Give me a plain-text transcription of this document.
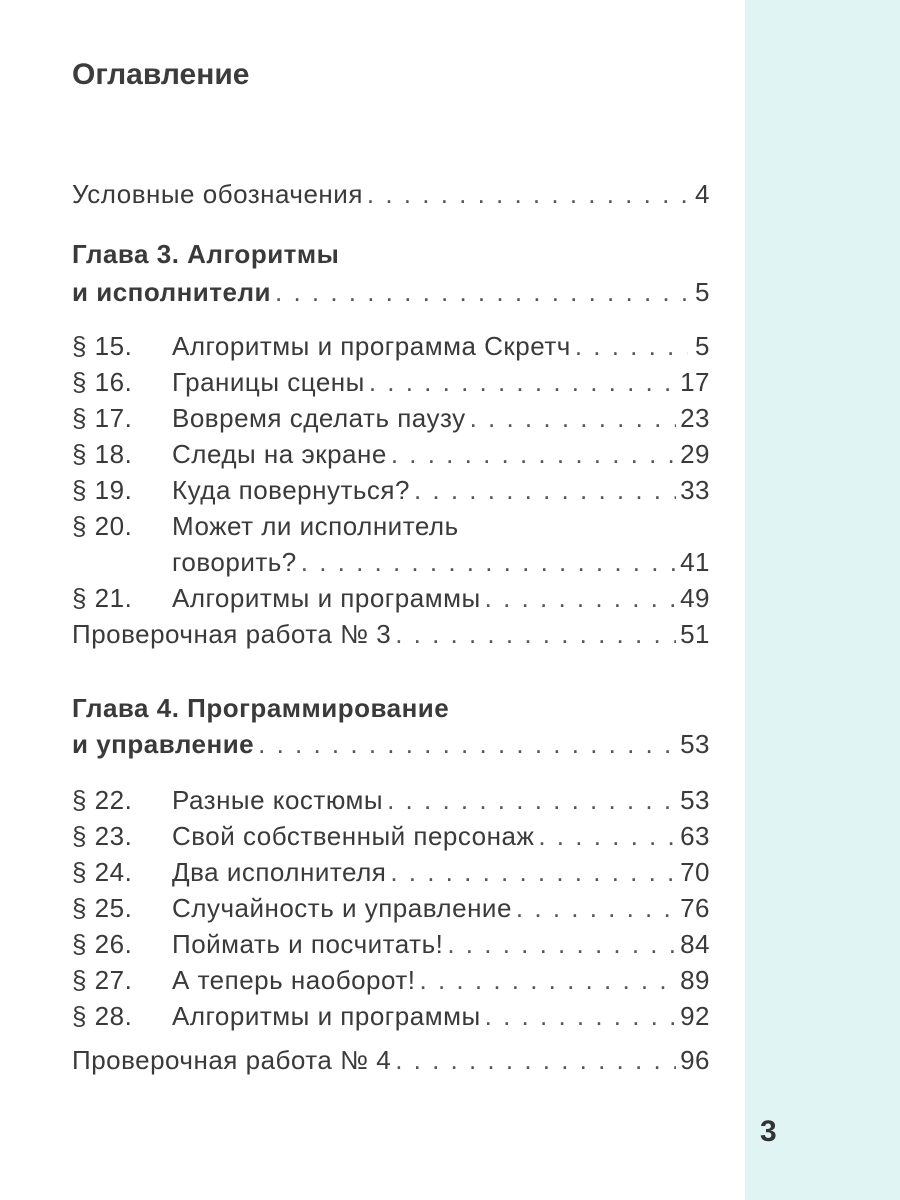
Оглавление
Условные обозначения . . .	4
Глава 3. Алгоритмы
и исполнители . . .	5
§ 15.	Алгоритмы и программа Скретч . . .	5
§ 16.	Границы сцены . . .	17
§ 17.	Вовремя сделать паузу . . .	23
§ 18.	Следы на экране . . .	29
§ 19.	Куда повернуться? . . .	33
§ 20. Может ли исполнитель
говорить? . . .	41
§ 21.	Алгоритмы и программы . . .	49
Проверочная работа № 3 . . .	51
Глава 4. Программирование
и управление . . .	53
§ 22.	Разные костюмы . . .	53
§ 23.	Свой собственный персонаж . . .	63
§ 24.	Два исполнителя . . .	70
§ 25.	Случайность и управление . . .	76
§ 26.	Поймать и посчитать! . . .	84
§ 27.	А теперь наоборот! . . .	89
§ 28.	Алгоритмы и программы . . .	92
Проверочная работа № 4 . . .	96
3
